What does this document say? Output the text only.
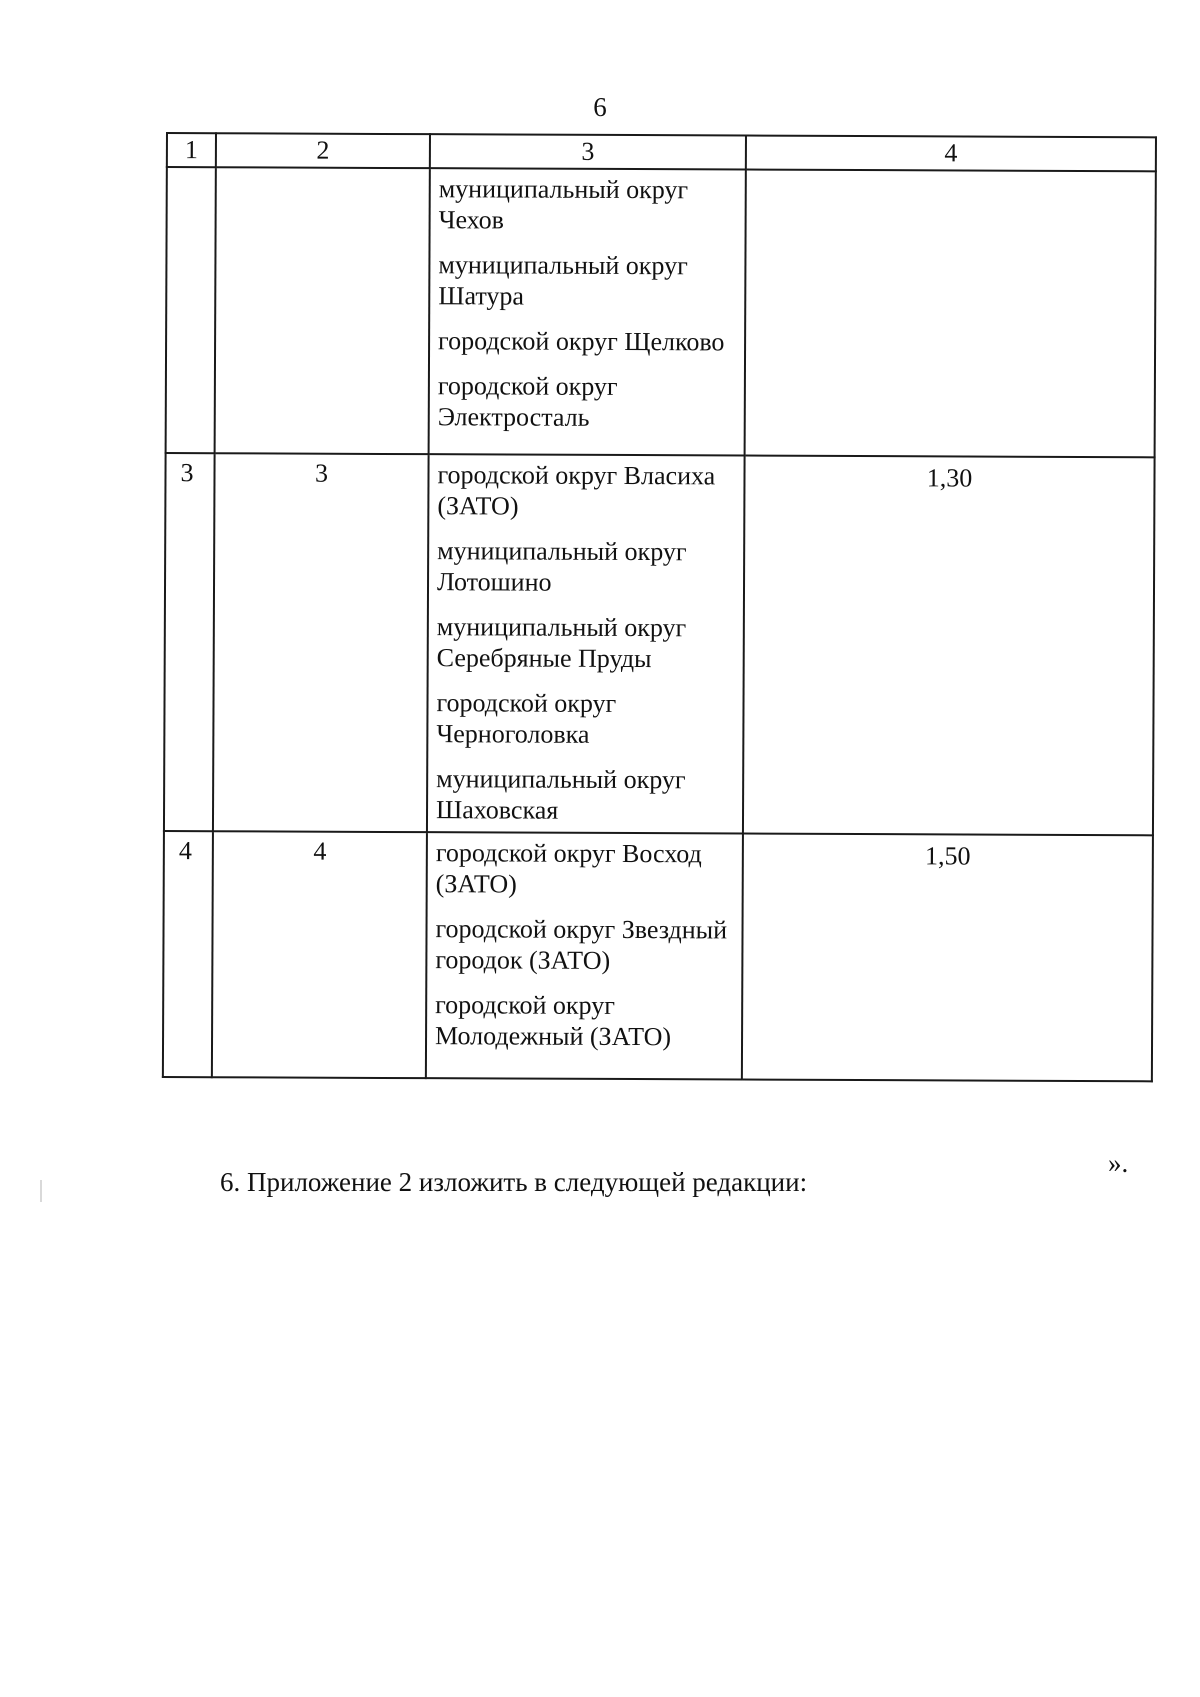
6
1	2	3	4

		муниципальный округ Чехов
муниципальный округ Шатура
городской округ Щелково
городской округ Электросталь	

3	3	городской округ Власиха (ЗАТО)
муниципальный округ Лотошино
муниципальный округ Серебряные Пруды
городской округ Черноголовка
муниципальный округ Шаховская	1,30
4	4	городской округ Восход (ЗАТО)
городской округ Звездный городок (ЗАТО)
городской округ Молодежный (ЗАТО)	1,50
».
6. Приложение 2 изложить в следующей редакции:
